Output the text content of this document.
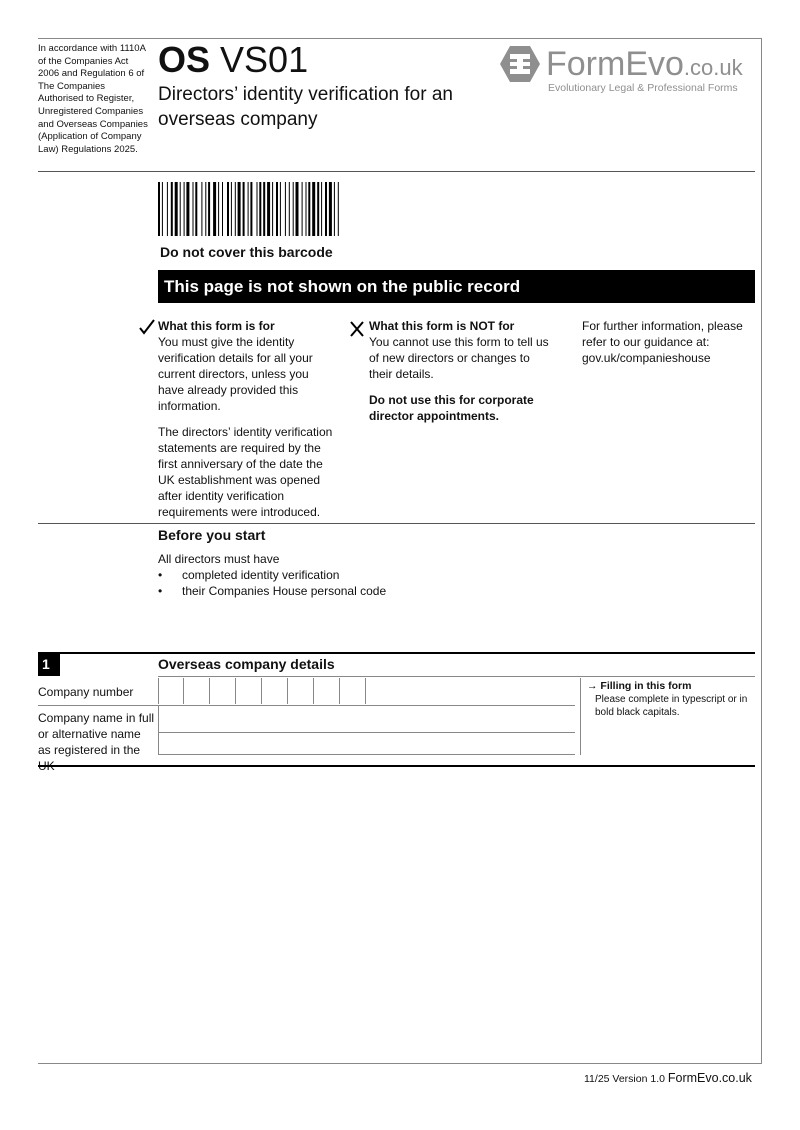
In accordance with 1110A of the Companies Act 2006 and Regulation 6 of The Companies Authorised to Register, Unregistered Companies and Overseas Companies (Application of Company Law) Regulations 2025.
OS VS01
Directors’ identity verification for an overseas company
FormEvo.co.uk
Evolutionary Legal & Professional Forms
Do not cover this barcode
This page is not shown on the public record
What this form is for

You must give the identity verification details for all your current directors, unless you have already provided this information.

The directors’ identity verification statements are required by the first anniversary of the date the UK establishment was opened after identity verification requirements were introduced.

What this form is NOT for

You cannot use this form to tell us of new directors or changes to their details.

Do not use this for corporate director appointments.

For further information, please refer to our guidance at: gov.uk/companieshouse
Before you start
All directors must have
•	completed identity verification
•	their Companies House personal code
1	Overseas company details
Company number
Company name in full or alternative name as registered in the
→ Filling in this form
Please complete in typescript or in bold black capitals.
11/25 Version 1.0 FormEvo.co.uk
